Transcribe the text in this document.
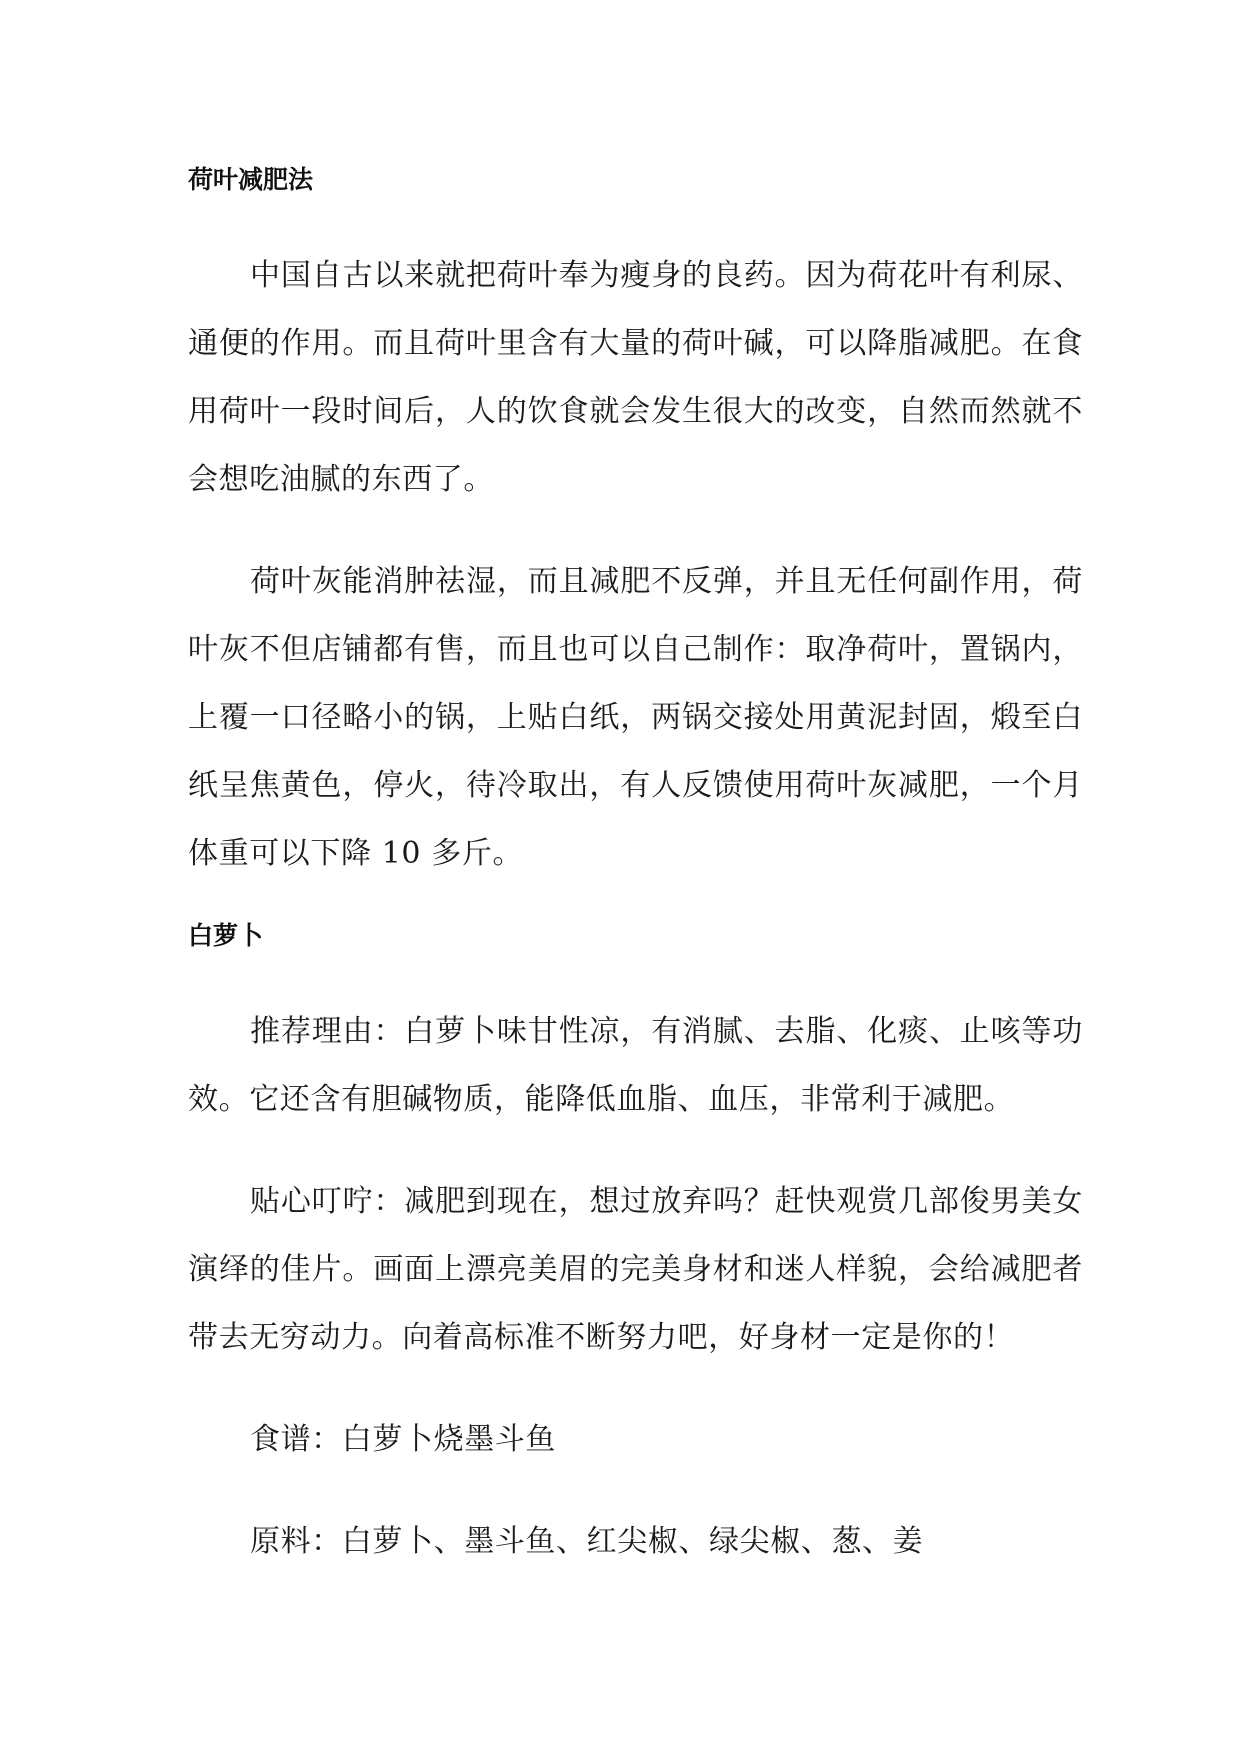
荷叶减肥法

中国自古以来就把荷叶奉为瘦身的良药。因为荷花叶有利尿、通便的作用。而且荷叶里含有大量的荷叶碱，可以降脂减肥。在食用荷叶一段时间后，人的饮食就会发生很大的改变，自然而然就不会想吃油腻的东西了。

荷叶灰能消肿祛湿，而且减肥不反弹，并且无任何副作用，荷叶灰不但店铺都有售，而且也可以自己制作：取净荷叶，置锅内，上覆一口径略小的锅，上贴白纸，两锅交接处用黄泥封固，煅至白纸呈焦黄色，停火，待冷取出，有人反馈使用荷叶灰减肥，一个月体重可以下降 10 多斤。

白萝卜

推荐理由：白萝卜味甘性凉，有消腻、去脂、化痰、止咳等功效。它还含有胆碱物质，能降低血脂、血压，非常利于减肥。

贴心叮咛：减肥到现在，想过放弃吗？赶快观赏几部俊男美女演绎的佳片。画面上漂亮美眉的完美身材和迷人样貌，会给减肥者带去无穷动力。向着高标准不断努力吧，好身材一定是你的！

食谱：白萝卜烧墨斗鱼

原料：白萝卜、墨斗鱼、红尖椒、绿尖椒、葱、姜
